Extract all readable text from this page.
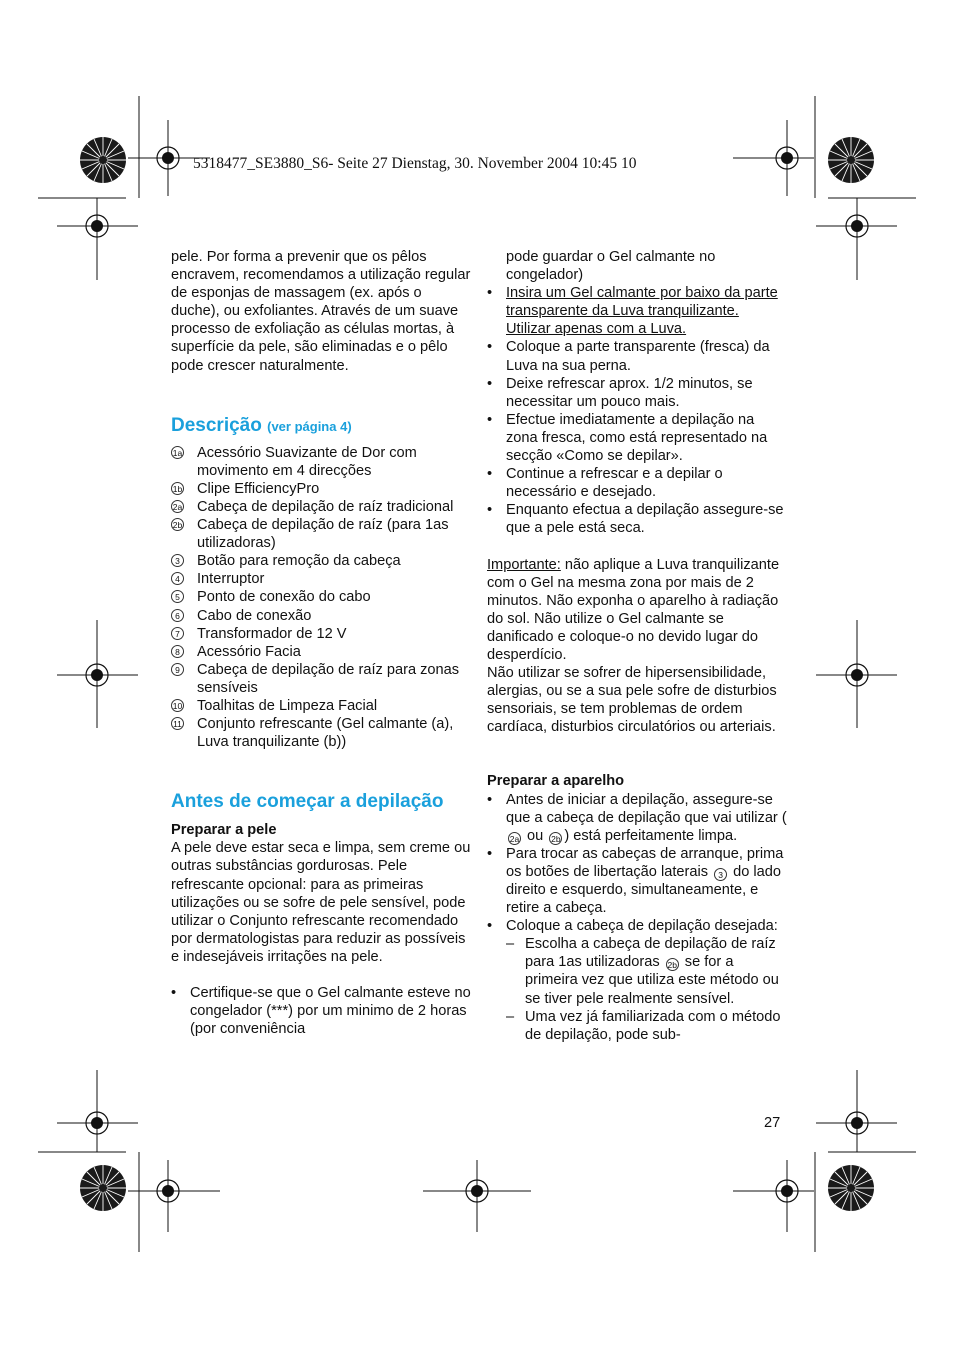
5318477_SE3880_S6- Seite 27 Dienstag, 30. November 2004 10:45 10

pele. Por forma a prevenir que os pêlos encravem, recomendamos a utilização regular de esponjas de massagem (ex. após o duche), ou exfoliantes. Através de um suave processo de exfoliação as células mortas, à superfície da pele, são eliminadas e o pêlo pode crescer naturalmente.

Descrição (ver página 4)

1a Acessório Suavizante de Dor com movimento em 4 direcções
1b Clipe EfficiencyPro
2a Cabeça de depilação de raíz tradicional
2b Cabeça de depilação de raíz (para 1as utilizadoras)
3 Botão para remoção da cabeça
4 Interruptor
5 Ponto de conexão do cabo
6 Cabo de conexão
7 Transformador de 12 V
8 Acessório Facia
9 Cabeça de depilação de raíz para zonas sensíveis
10 Toalhitas de Limpeza Facial
11 Conjunto refrescante (Gel calmante (a), Luva tranquilizante (b))

Antes de começar a depilação

Preparar a pele

A pele deve estar seca e limpa, sem creme ou outras substâncias gordurosas. Pele refrescante opcional: para as primeiras utilizações ou se sofre de pele sensível, pode utilizar o Conjunto refrescante recomendado por dermatologistas para reduzir as possíveis e indesejáveis irritações na pele.

• Certifique-se que o Gel calmante esteve no congelador (***) por um minimo de 2 horas (por conveniência
pode guardar o Gel calmante no congelador)
• Insira um Gel calmante por baixo da parte transparente da Luva tranquilizante. Utilizar apenas com a Luva.
• Coloque a parte transparente (fresca) da Luva na sua perna.
• Deixe refrescar aprox. 1/2 minutos, se necessitar um pouco mais.
• Efectue imediatamente a depilação na zona fresca, como está representado na secção «Como se depilar».
• Continue a refrescar e a depilar o necessário e desejado.
• Enquanto efectua a depilação assegure-se que a pele está seca.

Importante: não aplique a Luva tranquilizante com o Gel na mesma zona por mais de 2 minutos. Não exponha o aparelho à radiação do sol. Não utilize o Gel calmante se danificado e coloque-o no devido lugar do desperdício.

Não utilizar se sofrer de hipersensibilidade, alergias, ou se a sua pele sofre de disturbios sensoriais, se tem problemas de ordem cardíaca, disturbios circulatórios ou arteriais.

Preparar a aparelho

• Antes de iniciar a depilação, assegure-se que a cabeça de depilação que vai utilizar (2a ou 2b ) está perfeitamente limpa.
• Para trocar as cabeças de arranque, prima os botões de libertação laterais 3 do lado direito e esquerdo, simultaneamente, e retire a cabeça.
• Coloque a cabeça de depilação desejada:
– Escolha a cabeça de depilação de raíz para 1as utilizadoras 2b se for a primeira vez que utiliza este método ou se tiver pele realmente sensível.
– Uma vez já familiarizada com o método de depilação, pode sub-
27
